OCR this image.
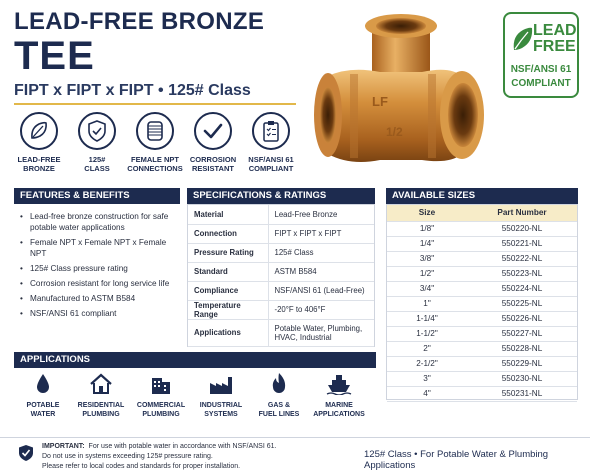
LEAD-FREE BRONZE
TEE
FIPT x FIPT x FIPT • 125# Class
LF
1/2
LEAD
FREE
NSF/ANSI 61
COMPLIANT
LEAD-FREE
BRONZE
125#
CLASS
FEMALE NPT
CONNECTIONS
CORROSION
RESISTANT
NSF/ANSI 61
COMPLIANT
FEATURES & BENEFITS
• Lead-free bronze construction for safe potable water applications
• Female NPT x Female NPT x Female NPT
• 125# Class pressure rating
• Corrosion resistant for long service life
• Manufactured to ASTM B584
• NSF/ANSI 61 compliant
SPECIFICATIONS & RATINGS
Material	Lead-Free Bronze
Connection	FIPT x FIPT x FIPT
Pressure Rating	125# Class
Standard	ASTM B584
Compliance	NSF/ANSI 61 (Lead-Free)
Temperature Range	-20°F to 406°F
Applications	Potable Water, Plumbing, HVAC, Industrial
AVAILABLE SIZES
Size	Part Number
1/8"	550220-NL
1/4"	550221-NL
3/8"	550222-NL
1/2"	550223-NL
3/4"	550224-NL
1"	550225-NL
1-1/4"	550226-NL
1-1/2"	550227-NL
2"	550228-NL
2-1/2"	550229-NL
3"	550230-NL
4"	550231-NL
APPLICATIONS
POTABLE
WATER
RESIDENTIAL
PLUMBING
COMMERCIAL
PLUMBING
INDUSTRIAL
SYSTEMS
GAS &
FUEL LINES
MARINE
APPLICATIONS
IMPORTANT: For use with potable water in accordance with NSF/ANSI 61.
Do not use in systems exceeding 125# pressure rating.
Please refer to local codes and standards for proper installation.
125# Class • For Potable Water & Plumbing Applications
